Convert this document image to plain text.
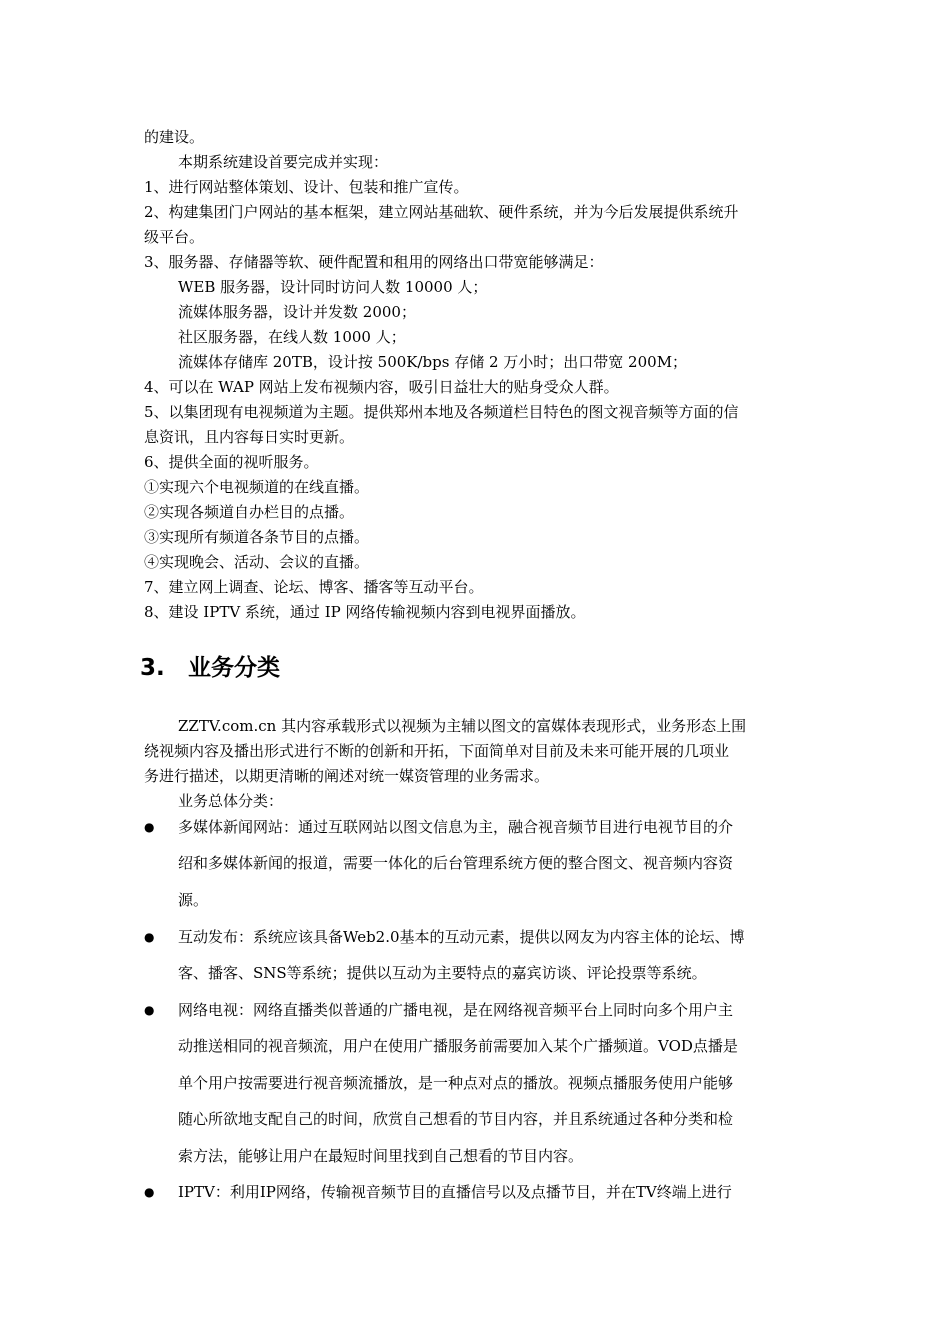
的建设。
本期系统建设首要完成并实现：
1、进行网站整体策划、设计、包装和推广宣传。
2、构建集团门户网站的基本框架，建立网站基础软、硬件系统，并为今后发展提供系统升
级平台。
3、服务器、存储器等软、硬件配置和租用的网络出口带宽能够满足：
WEB 服务器，设计同时访问人数 10000 人；
流媒体服务器，设计并发数 2000；
社区服务器，在线人数 1000 人；
流媒体存储库 20TB，设计按 500K/bps 存储 2 万小时；出口带宽 200M；
4、可以在 WAP 网站上发布视频内容，吸引日益壮大的贴身受众人群。
5、以集团现有电视频道为主题。提供郑州本地及各频道栏目特色的图文视音频等方面的信
息资讯，且内容每日实时更新。
6、提供全面的视听服务。
①实现六个电视频道的在线直播。
②实现各频道自办栏目的点播。
③实现所有频道各条节目的点播。
④实现晚会、活动、会议的直播。
7、建立网上调查、论坛、博客、播客等互动平台。
8、建设 IPTV 系统，通过 IP 网络传输视频内容到电视界面播放。
3. 业务分类
ZZTV.com.cn 其内容承载形式以视频为主辅以图文的富媒体表现形式，业务形态上围
绕视频内容及播出形式进行不断的创新和开拓，下面简单对目前及未来可能开展的几项业
务进行描述，以期更清晰的阐述对统一媒资管理的业务需求。
业务总体分类：
● 多媒体新闻网站：通过互联网站以图文信息为主，融合视音频节目进行电视节目的介
绍和多媒体新闻的报道，需要一体化的后台管理系统方便的整合图文、视音频内容资
源。
● 互动发布：系统应该具备Web2.0基本的互动元素，提供以网友为内容主体的论坛、博
客、播客、SNS等系统；提供以互动为主要特点的嘉宾访谈、评论投票等系统。
● 网络电视：网络直播类似普通的广播电视，是在网络视音频平台上同时向多个用户主
动推送相同的视音频流，用户在使用广播服务前需要加入某个广播频道。VOD点播是
单个用户按需要进行视音频流播放，是一种点对点的播放。视频点播服务使用户能够
随心所欲地支配自己的时间，欣赏自己想看的节目内容，并且系统通过各种分类和检
索方法，能够让用户在最短时间里找到自己想看的节目内容。
● IPTV：利用IP网络，传输视音频节目的直播信号以及点播节目，并在TV终端上进行
